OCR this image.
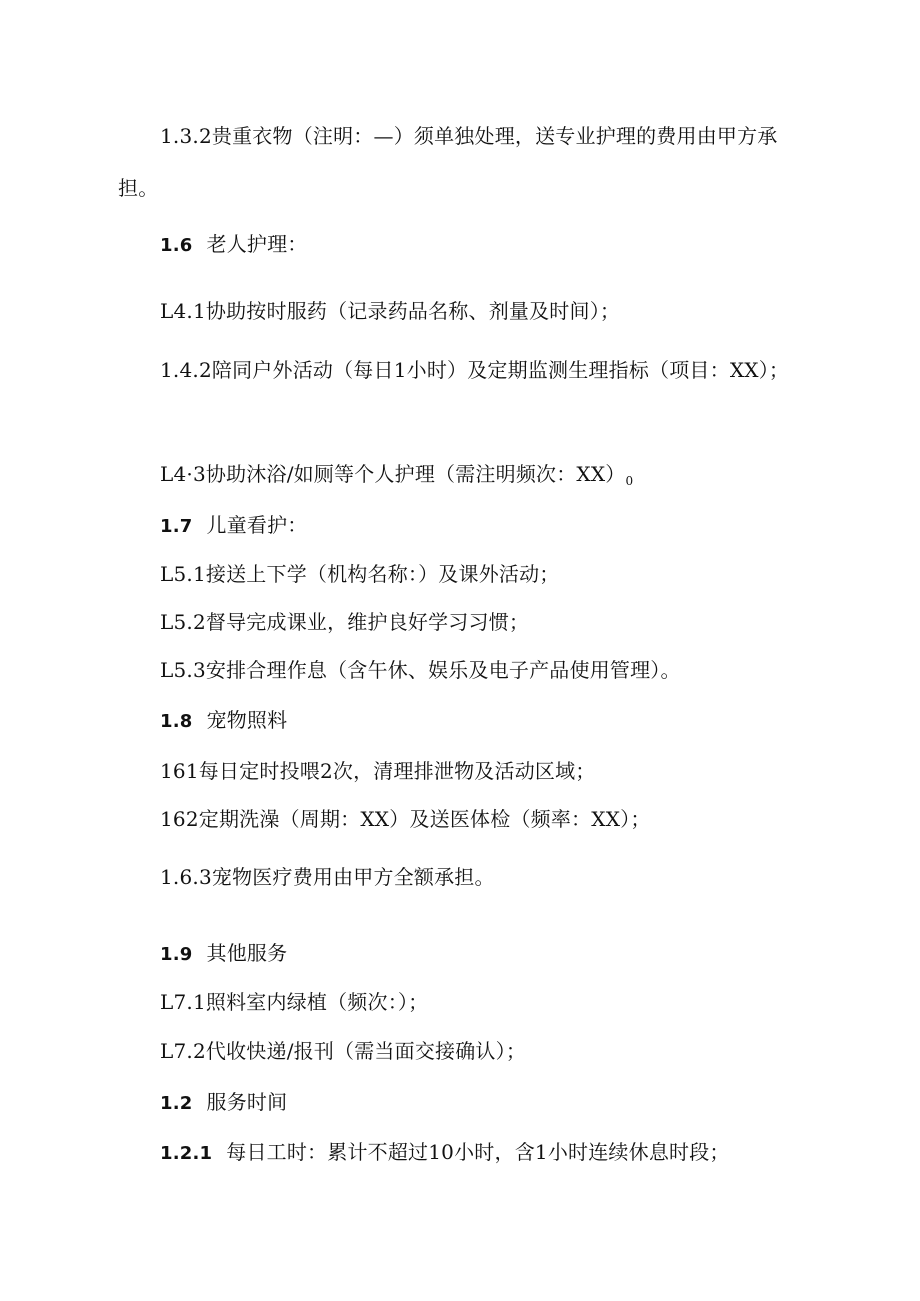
1.3.2贵重衣物（注明：—）须单独处理，送专业护理的费用由甲方承
担。
1.6 老人护理：
L4.1协助按时服药（记录药品名称、剂量及时间）；
1.4.2陪同户外活动（每日1小时）及定期监测生理指标（项目：XX）；
L4·3协助沐浴/如厕等个人护理（需注明频次：$XX)_0$
1.7 儿童看护：
L5.1接送上下学（机构名称：）及课外活动；
L5.2督导完成课业，维护良好学习习惯；
L5.3安排合理作息（含午休、娱乐及电子产品使用管理）。
1.8 宠物照料
161每日定时投喂2次，清理排泄物及活动区域；
162定期洗澡（周期：XX）及送医体检（频率：XX）；
1.6.3宠物医疗费用由甲方全额承担。
1.9 其他服务
L7.1照料室内绿植（频次：）；
L7.2代收快递/报刊（需当面交接确认）；
1.2 服务时间
1.2.1 每日工时：累计不超过10小时，含1小时连续休息时段；
